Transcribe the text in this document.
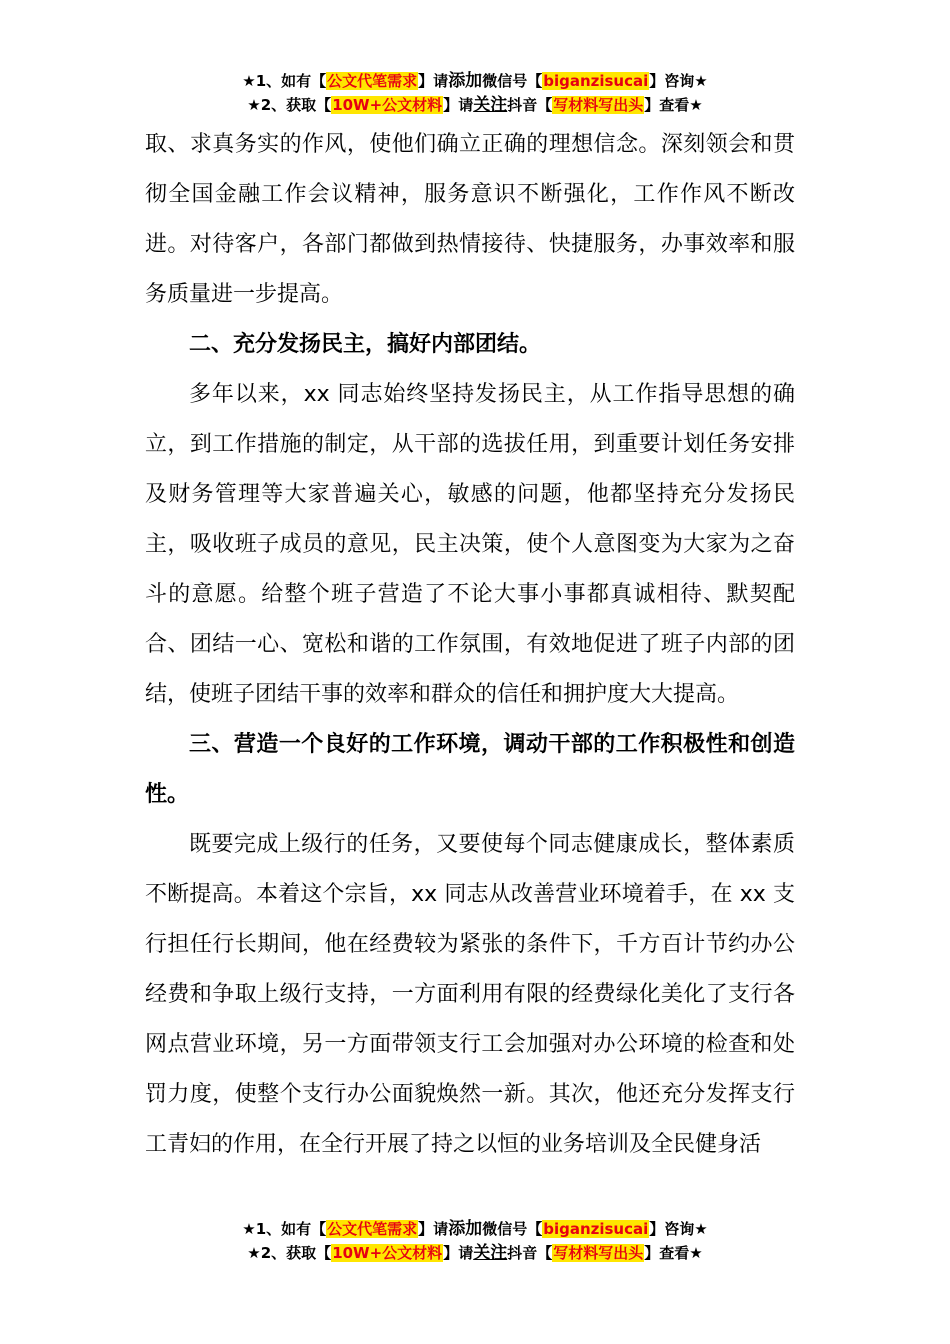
★1、如有【公文代笔需求】请添加微信号【biganzisucai】咨询★
★2、获取【10W+公文材料】请关注抖音【写材料写出头】查看★

取、求真务实的作风，使他们确立正确的理想信念。深刻领会和贯彻全国金融工作会议精神，服务意识不断强化，工作作风不断改进。对待客户，各部门都做到热情接待、快捷服务，办事效率和服务质量进一步提高。

二、充分发扬民主，搞好内部团结。

多年以来，xx 同志始终坚持发扬民主，从工作指导思想的确立，到工作措施的制定，从干部的选拔任用，到重要计划任务安排及财务管理等大家普遍关心，敏感的问题，他都坚持充分发扬民主，吸收班子成员的意见，民主决策，使个人意图变为大家为之奋斗的意愿。给整个班子营造了不论大事小事都真诚相待、默契配合、团结一心、宽松和谐的工作氛围，有效地促进了班子内部的团结，使班子团结干事的效率和群众的信任和拥护度大大提高。

三、营造一个良好的工作环境，调动干部的工作积极性和创造性。

既要完成上级行的任务，又要使每个同志健康成长，整体素质不断提高。本着这个宗旨，xx 同志从改善营业环境着手，在 xx 支行担任行长期间，他在经费较为紧张的条件下，千方百计节约办公经费和争取上级行支持，一方面利用有限的经费绿化美化了支行各网点营业环境，另一方面带领支行工会加强对办公环境的检查和处罚力度，使整个支行办公面貌焕然一新。其次，他还充分发挥支行工青妇的作用，在全行开展了持之以恒的业务培训及全民健身活

★1、如有【公文代笔需求】请添加微信号【biganzisucai】咨询★
★2、获取【10W+公文材料】请关注抖音【写材料写出头】查看★
